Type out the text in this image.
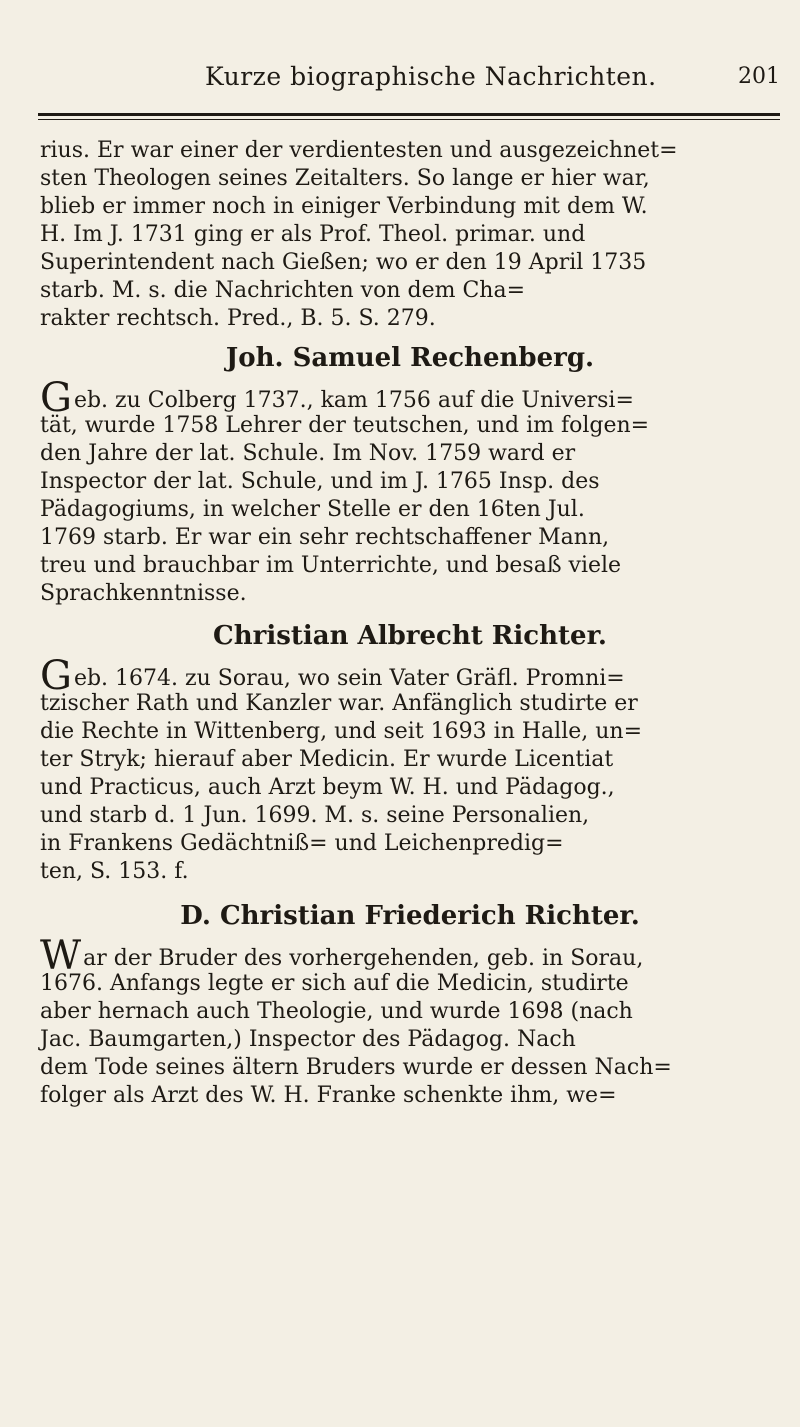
Kurze biographische Nachrichten.	201
rius. Er war einer der verdientesten und ausgezeichnet=
sten Theologen seines Zeitalters. So lange er hier war,
blieb er immer noch in einiger Verbindung mit dem W.
H. Im J. 1731 ging er als Prof. Theol. primar. und
Superintendent nach Gießen; wo er den 19 April 1735
starb. M. s. die Nachrichten von dem Cha=
rakter rechtsch. Pred., B. 5. S. 279.
Joh. Samuel Rechenberg.
Geb. zu Colberg 1737., kam 1756 auf die Universi=
tät, wurde 1758 Lehrer der teutschen, und im folgen=
den Jahre der lat. Schule. Im Nov. 1759 ward er
Inspector der lat. Schule, und im J. 1765 Insp. des
Pädagogiums, in welcher Stelle er den 16ten Jul.
1769 starb. Er war ein sehr rechtschaffener Mann,
treu und brauchbar im Unterrichte, und besaß viele
Sprachkenntnisse.
Christian Albrecht Richter.
Geb. 1674. zu Sorau, wo sein Vater Gräfl. Promni=
tzischer Rath und Kanzler war. Anfänglich studirte er
die Rechte in Wittenberg, und seit 1693 in Halle, un=
ter Stryk; hierauf aber Medicin. Er wurde Licentiat
und Practicus, auch Arzt beym W. H. und Pädagog.,
und starb d. 1 Jun. 1699. M. s. seine Personalien,
in Frankens Gedächtniß= und Leichenpredig=
ten, S. 153. f.
D. Christian Friederich Richter.
War der Bruder des vorhergehenden, geb. in Sorau,
1676. Anfangs legte er sich auf die Medicin, studirte
aber hernach auch Theologie, und wurde 1698 (nach
Jac. Baumgarten,) Inspector des Pädagog. Nach
dem Tode seines ältern Bruders wurde er dessen Nach=
folger als Arzt des W. H. Franke schenkte ihm, we=
